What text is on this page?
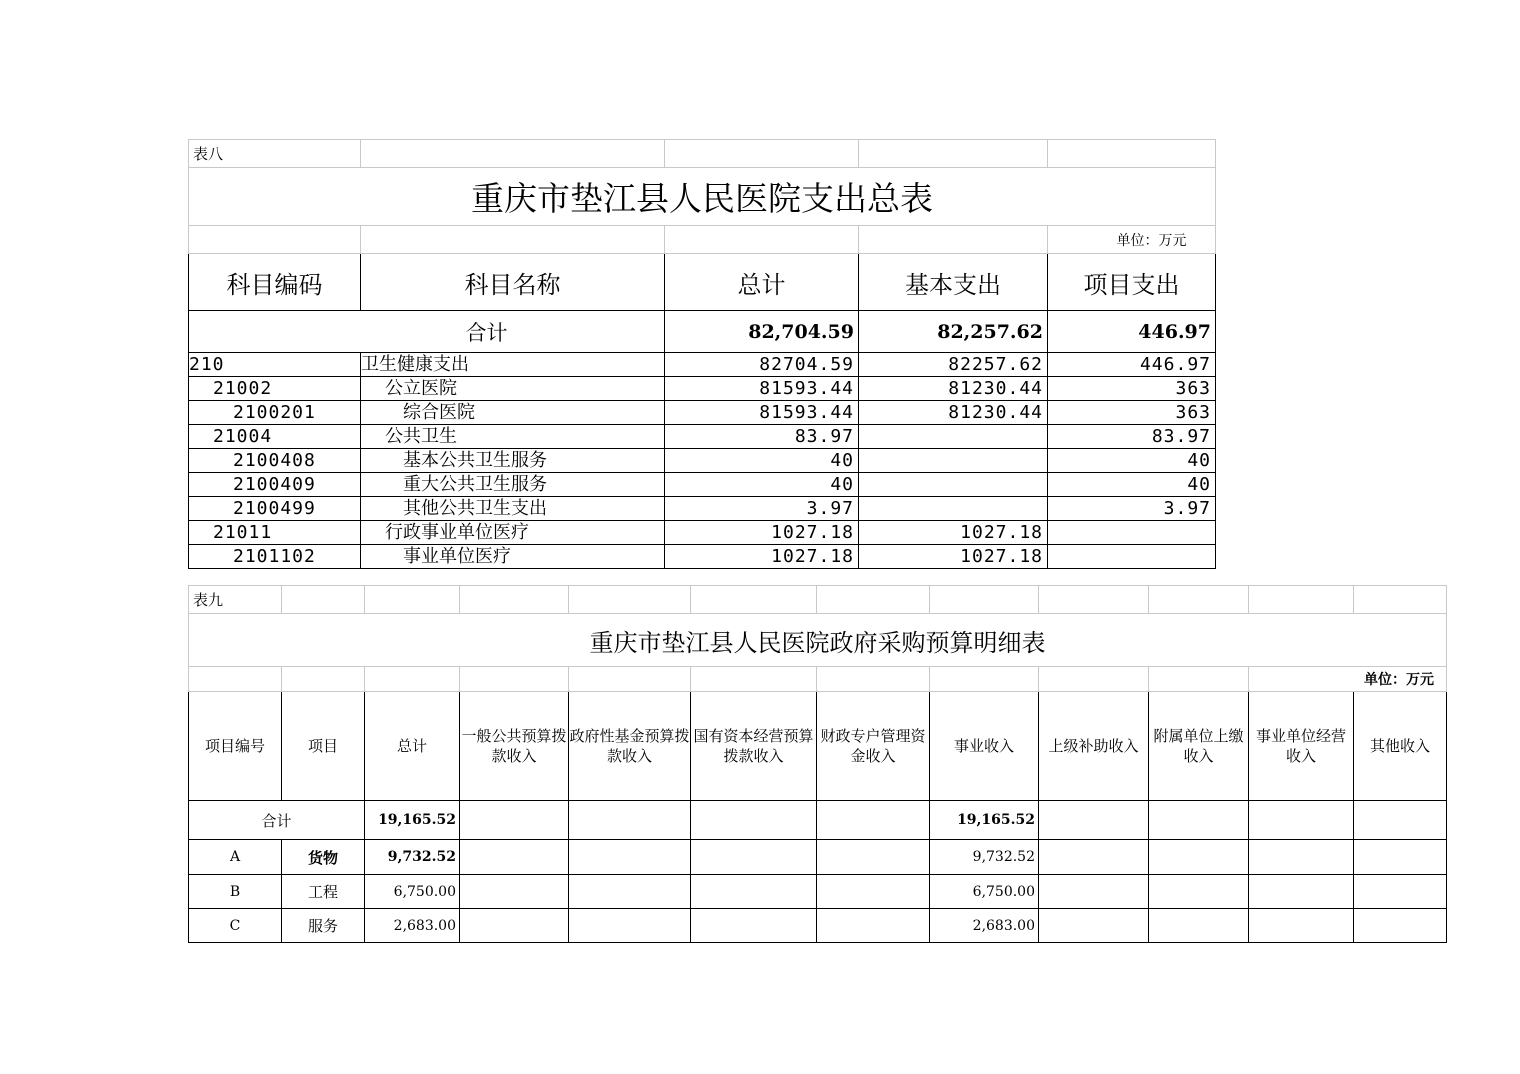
表八				
重庆市垫江县人民医院支出总表				
				单位：万元
科目编码	科目名称	总计	基本支出	项目支出
合计		82,704.59	82,257.62	446.97
210	卫生健康支出	82704.59	82257.62	446.97
21002	公立医院	81593.44	81230.44	363
2100201	综合医院	81593.44	81230.44	363
21004	公共卫生	83.97		83.97
2100408	基本公共卫生服务	40		40
2100409	重大公共卫生服务	40		40
2100499	其他公共卫生支出	3.97		3.97
21011	行政事业单位医疗	1027.18	1027.18	
2101102	事业单位医疗	1027.18	1027.18	
表九											
重庆市垫江县人民医院政府采购预算明细表											
										单位：万元	
项目编号	项目	总计	一般公共预算拨款收入	政府性基金预算拨款收入	国有资本经营预算拨款收入	财政专户管理资金收入	事业收入	上级补助收入	附属单位上缴收入	事业单位经营收入	其他收入
合计		19,165.52					19,165.52				
A	货物	9,732.52					9,732.52				
B	工程	6,750.00					6,750.00				
C	服务	2,683.00					2,683.00				
